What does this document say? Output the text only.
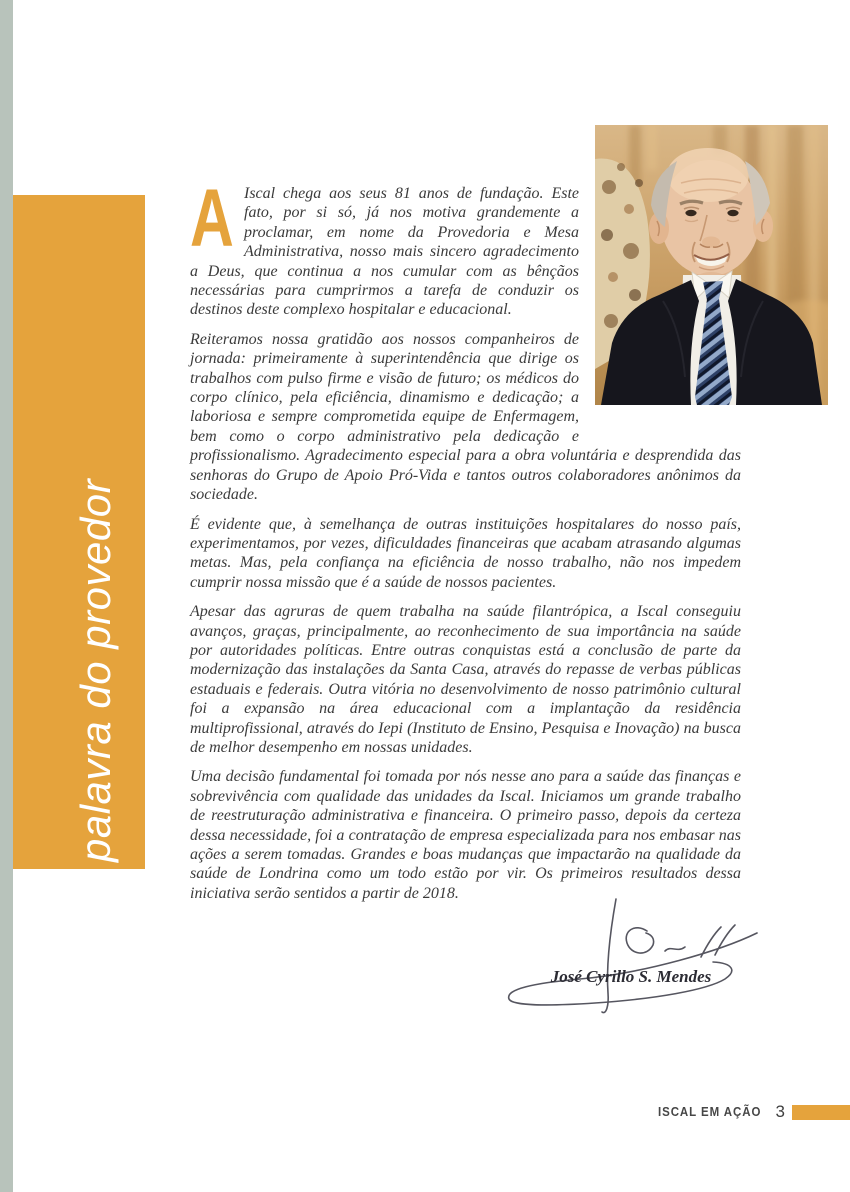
palavra do provedor

A Iscal chega aos seus 81 anos de fundação. Este fato, por si só, já nos motiva grandemente a proclamar, em nome da Provedoria e Mesa Administrativa, nosso mais sincero agradecimento a Deus, que continua a nos cumular com as bênçãos necessárias para cumprirmos a tarefa de conduzir os destinos deste complexo hospitalar e educacional.

Reiteramos nossa gratidão aos nossos companheiros de jornada: primeiramente à superintendência que dirige os trabalhos com pulso firme e visão de futuro; os médicos do corpo clínico, pela eficiência, dinamismo e dedicação; a laboriosa e sempre comprometida equipe de Enfermagem, bem como o corpo administrativo pela dedicação e profissionalismo. Agradecimento especial para a obra voluntária e desprendida das senhoras do Grupo de Apoio Pró-Vida e tantos outros colaboradores anônimos da sociedade.

É evidente que, à semelhança de outras instituições hospitalares do nosso país, experimentamos, por vezes, dificuldades financeiras que acabam atrasando algumas metas. Mas, pela confiança na eficiência de nosso trabalho, não nos impedem cumprir nossa missão que é a saúde de nossos pacientes.

Apesar das agruras de quem trabalha na saúde filantrópica, a Iscal conseguiu avanços, graças, principalmente, ao reconhecimento de sua importância na saúde por autoridades políticas. Entre outras conquistas está a conclusão de parte da modernização das instalações da Santa Casa, através do repasse de verbas públicas estaduais e federais. Outra vitória no desenvolvimento de nosso patrimônio cultural foi a expansão na área educacional com a implantação da residência multiprofissional, através do Iepi (Instituto de Ensino, Pesquisa e Inovação) na busca de melhor desempenho em nossas unidades.

Uma decisão fundamental foi tomada por nós nesse ano para a saúde das finanças e sobrevivência com qualidade das unidades da Iscal. Iniciamos um grande trabalho de reestruturação administrativa e financeira. O primeiro passo, depois da certeza dessa necessidade, foi a contratação de empresa especializada para nos embasar nas ações a serem tomadas. Grandes e boas mudanças que impactarão na qualidade da saúde de Londrina como um todo estão por vir. Os primeiros resultados dessa iniciativa serão sentidos a partir de 2018.

José Cyrillo S. Mendes
ISCAL EM AÇÃO 3
